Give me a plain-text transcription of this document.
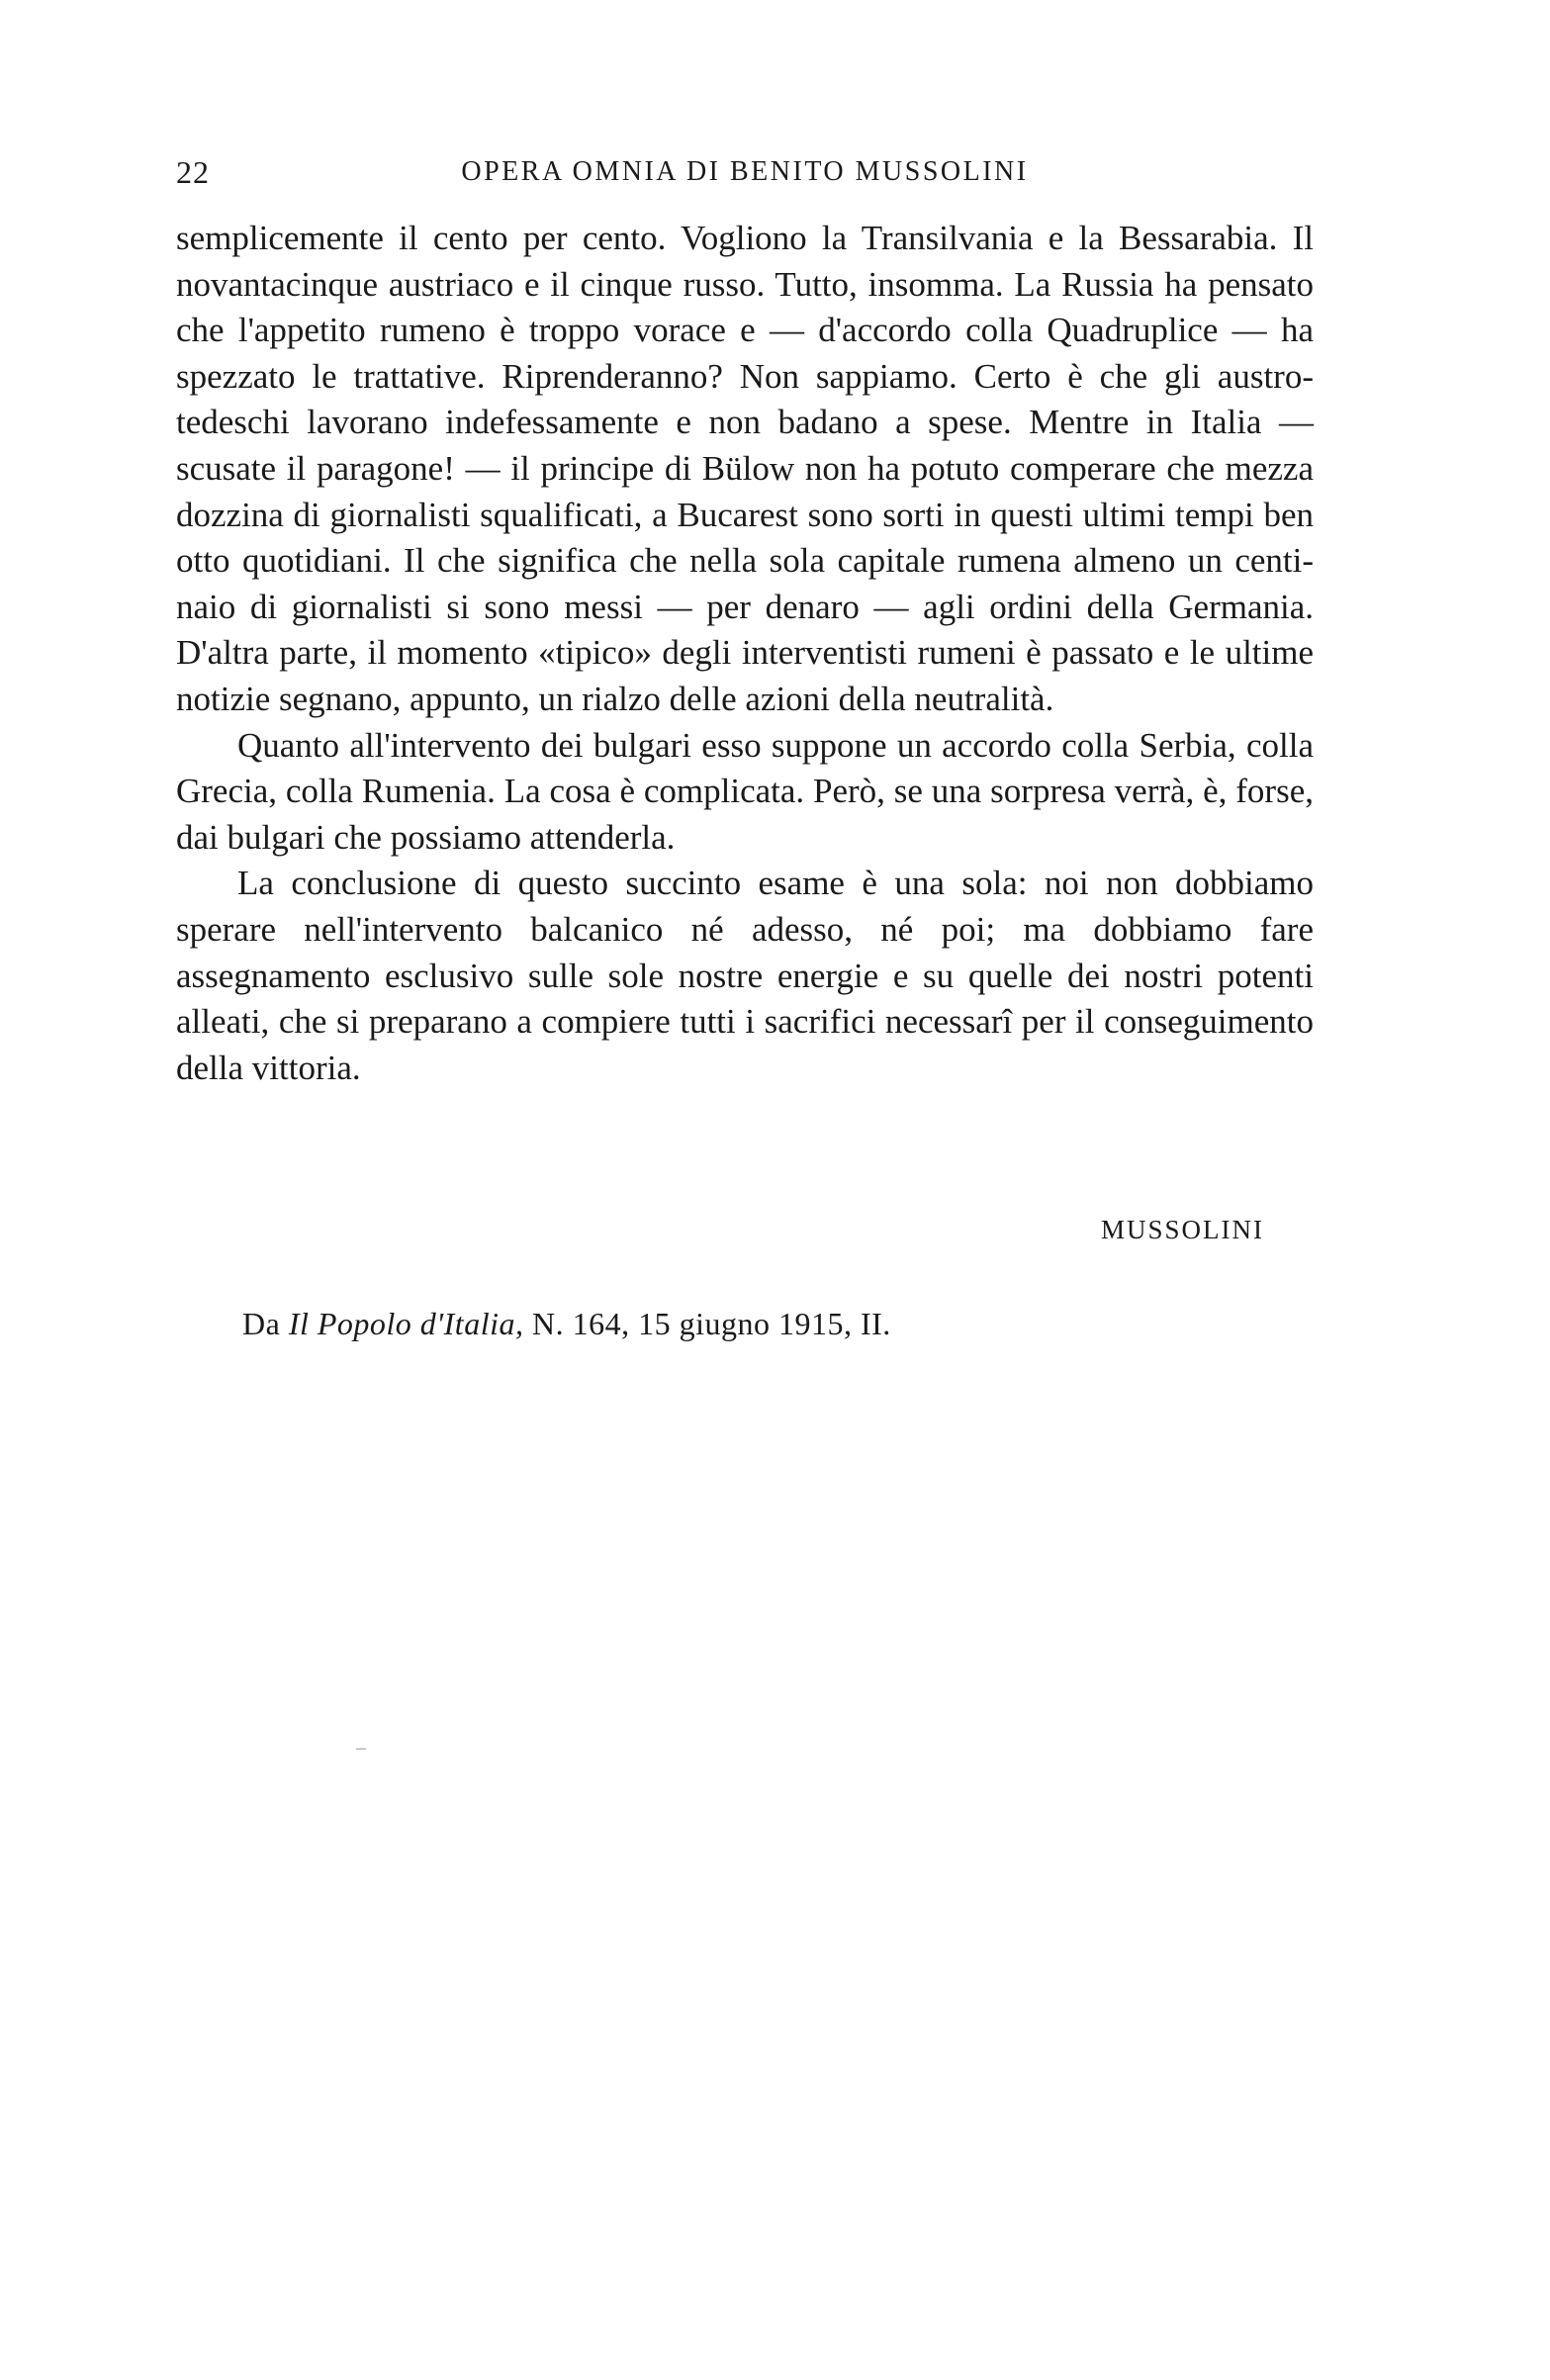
22	OPERA OMNIA DI BENITO MUSSOLINI

semplicemente il cento per cento. Vogliono la Transilvania e la Bessarabia. Il novantacinque austriaco e il cinque russo. Tutto, insomma. La Russia ha pensato che l'appetito rumeno è troppo vorace e — d'accordo colla Quadruplice — ha spezzato le trattative. Riprenderanno? Non sappiamo. Certo è che gli austro-tedeschi lavorano indefessamente e non badano a spese. Mentre in Italia — scusate il paragone! — il principe di Bülow non ha potuto comperare che mezza dozzina di giornalisti squalificati, a Bucarest sono sorti in questi ultimi tempi ben otto quotidiani. Il che significa che nella sola capitale rumena almeno un centinaio di giornalisti si sono messi — per denaro — agli ordini della Germania. D'altra parte, il momento «tipico» degli interventisti rumeni è passato e le ultime notizie segnano, appunto, un rialzo delle azioni della neutralità.

Quanto all'intervento dei bulgari esso suppone un accordo colla Serbia, colla Grecia, colla Rumenia. La cosa è complicata. Però, se una sorpresa verrà, è, forse, dai bulgari che possiamo attenderla.

La conclusione di questo succinto esame è una sola: noi non dobbiamo sperare nell'intervento balcanico né adesso, né poi; ma dobbiamo fare assegnamento esclusivo sulle sole nostre energie e su quelle dei nostri potenti alleati, che si preparano a compiere tutti i sacrifici necessarî per il conseguimento della vittoria.

MUSSOLINI
Da Il Popolo d'Italia, N. 164, 15 giugno 1915, II.
